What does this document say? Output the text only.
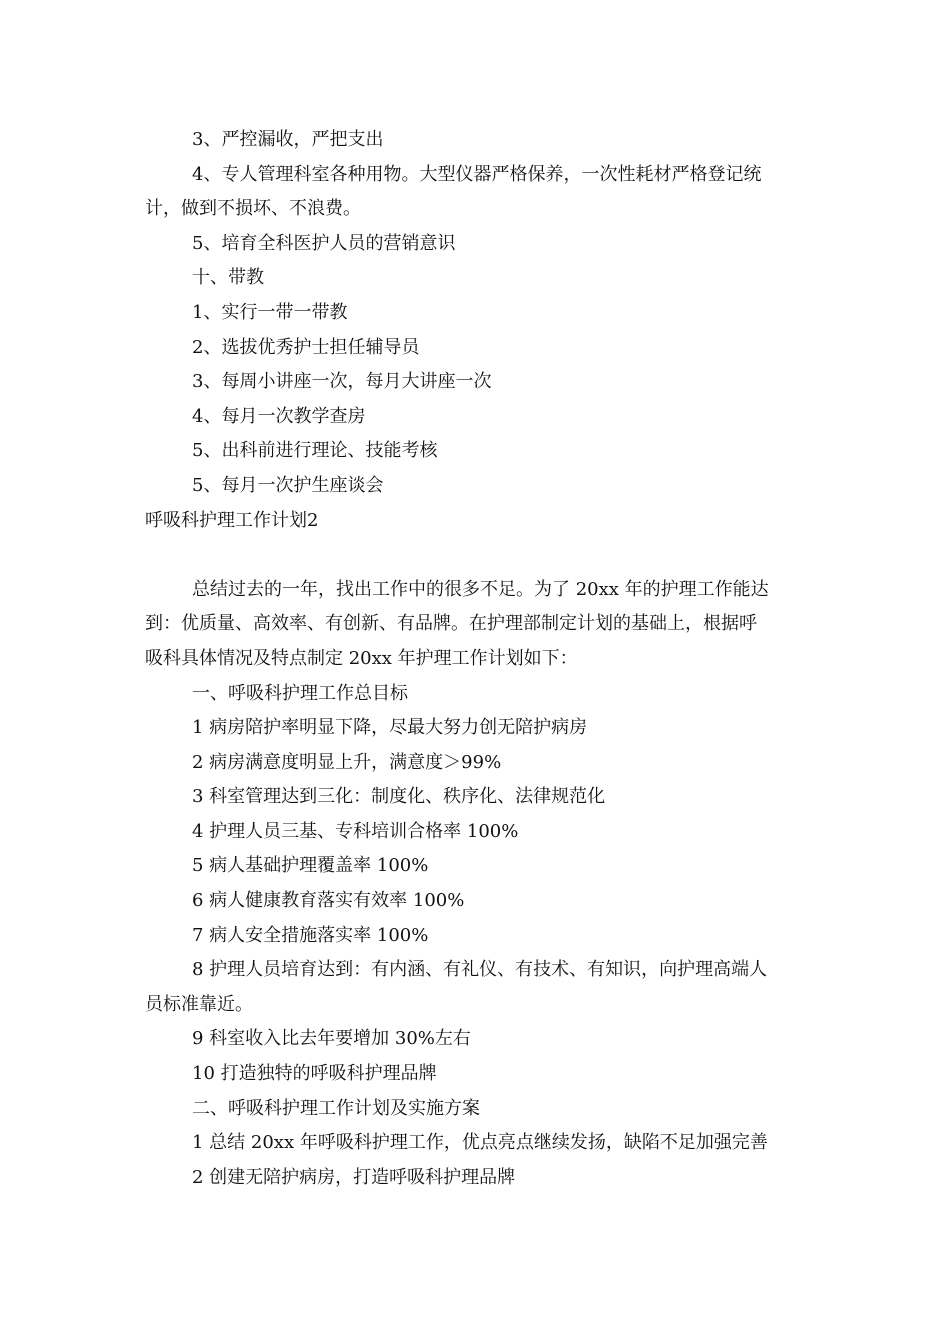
3、严控漏收，严把支出

4、专人管理科室各种用物。大型仪器严格保养，一次性耗材严格登记统

计，做到不损坏、不浪费。

5、培育全科医护人员的营销意识

十、带教

1、实行一带一带教

2、选拔优秀护士担任辅导员

3、每周小讲座一次，每月大讲座一次

4、每月一次教学查房

5、出科前进行理论、技能考核

5、每月一次护生座谈会

呼吸科护理工作计划2

总结过去的一年，找出工作中的很多不足。为了 20xx 年的护理工作能达

到：优质量、高效率、有创新、有品牌。在护理部制定计划的基础上，根据呼

吸科具体情况及特点制定 20xx 年护理工作计划如下：

一、呼吸科护理工作总目标

1 病房陪护率明显下降，尽最大努力创无陪护病房

2 病房满意度明显上升，满意度＞99%

3 科室管理达到三化：制度化、秩序化、法律规范化

4 护理人员三基、专科培训合格率 100%

5 病人基础护理覆盖率 100%

6 病人健康教育落实有效率 100%

7 病人安全措施落实率 100%

8 护理人员培育达到：有内涵、有礼仪、有技术、有知识，向护理高端人

员标准靠近。

9 科室收入比去年要增加 30%左右

10 打造独特的呼吸科护理品牌

二、呼吸科护理工作计划及实施方案

1 总结 20xx 年呼吸科护理工作，优点亮点继续发扬，缺陷不足加强完善

2 创建无陪护病房，打造呼吸科护理品牌
